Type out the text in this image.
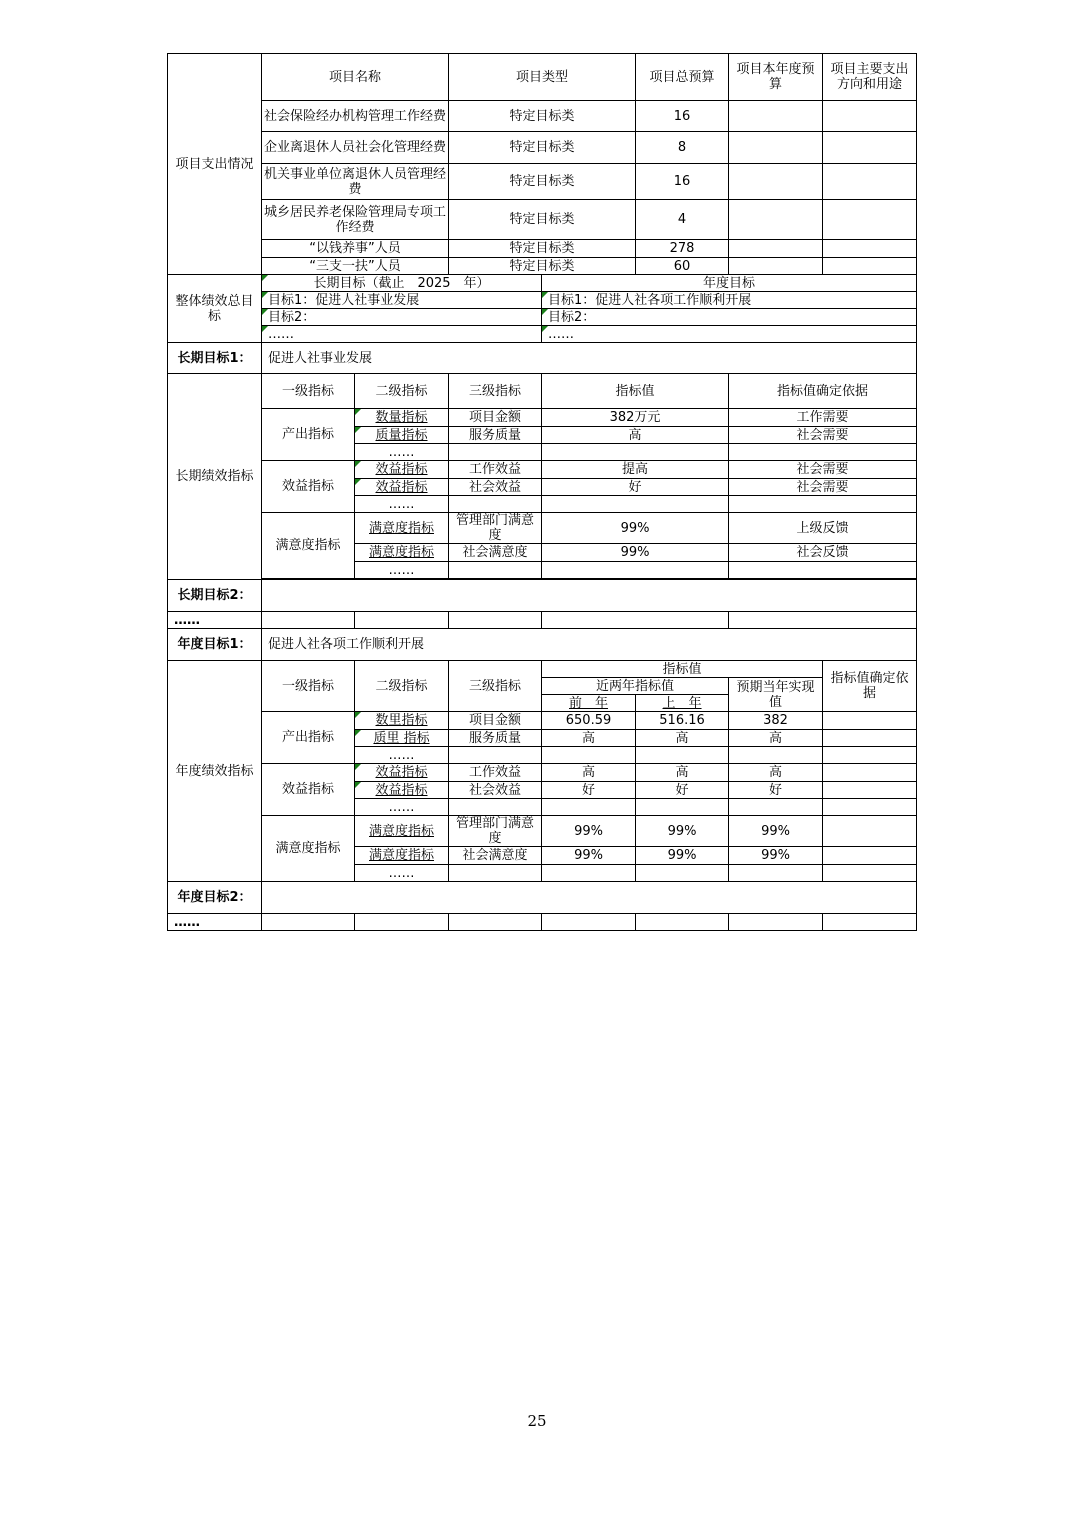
项目支出情况	项目名称		项目类型		项目总预算	项目本年度预算	项目主要支出方向和用途
	社会保险经办机构管理工作经费		特定目标类		16		
	企业离退休人员社会化管理经费		特定目标类		8		
	机关事业单位离退休人员管理经费		特定目标类		16		
	城乡居民养老保险管理局专项工作经费		特定目标类		4		
	“以钱养事”人员		特定目标类		278		
	“三支一扶”人员		特定目标类		60		
整体绩效总目标	长期目标（截止　2025　年）			年度目标			
	目标1：促进人社事业发展			目标1：促进人社各项工作顺利开展			
	目标2：			目标2：			
	……			……			
长期目标1：	促进人社事业发展						
长期绩效指标	一级指标	二级指标	三级指标	指标值		指标值确定依据	
	产出指标	数量指标	项目金额	382万元		工作需要	
		质量指标	服务质量	高		社会需要	
		……					
	效益指标	效益指标	工作效益	提高		社会需要	
		效益指标	社会效益	好		社会需要	
		……					
	满意度指标	满意度指标	管理部门满意度	99%		上级反馈	
		满意度指标	社会满意度	99%		社会反馈	
		……					

长期目标2：							
……							
年度目标1：	促进人社各项工作顺利开展						
年度绩效指标	一级指标	二级指标	三级指标	指标值			指标值确定依据
				近两年指标值		预期当年实现值	
				前　年	上　年		
	产出指标	数里指标	项目金额	650.59	516.16	382	
		质里 指标	服务质量	高	高	高	
		……					
	效益指标	效益指标	工作效益	高	高	高	
		效益指标	社会效益	好	好	好	
		……					
	满意度指标	满意度指标	管理部门满意度	99%	99%	99%	
		满意度指标	社会满意度	99%	99%	99%	
		……					
年度目标2：							
……							
25
